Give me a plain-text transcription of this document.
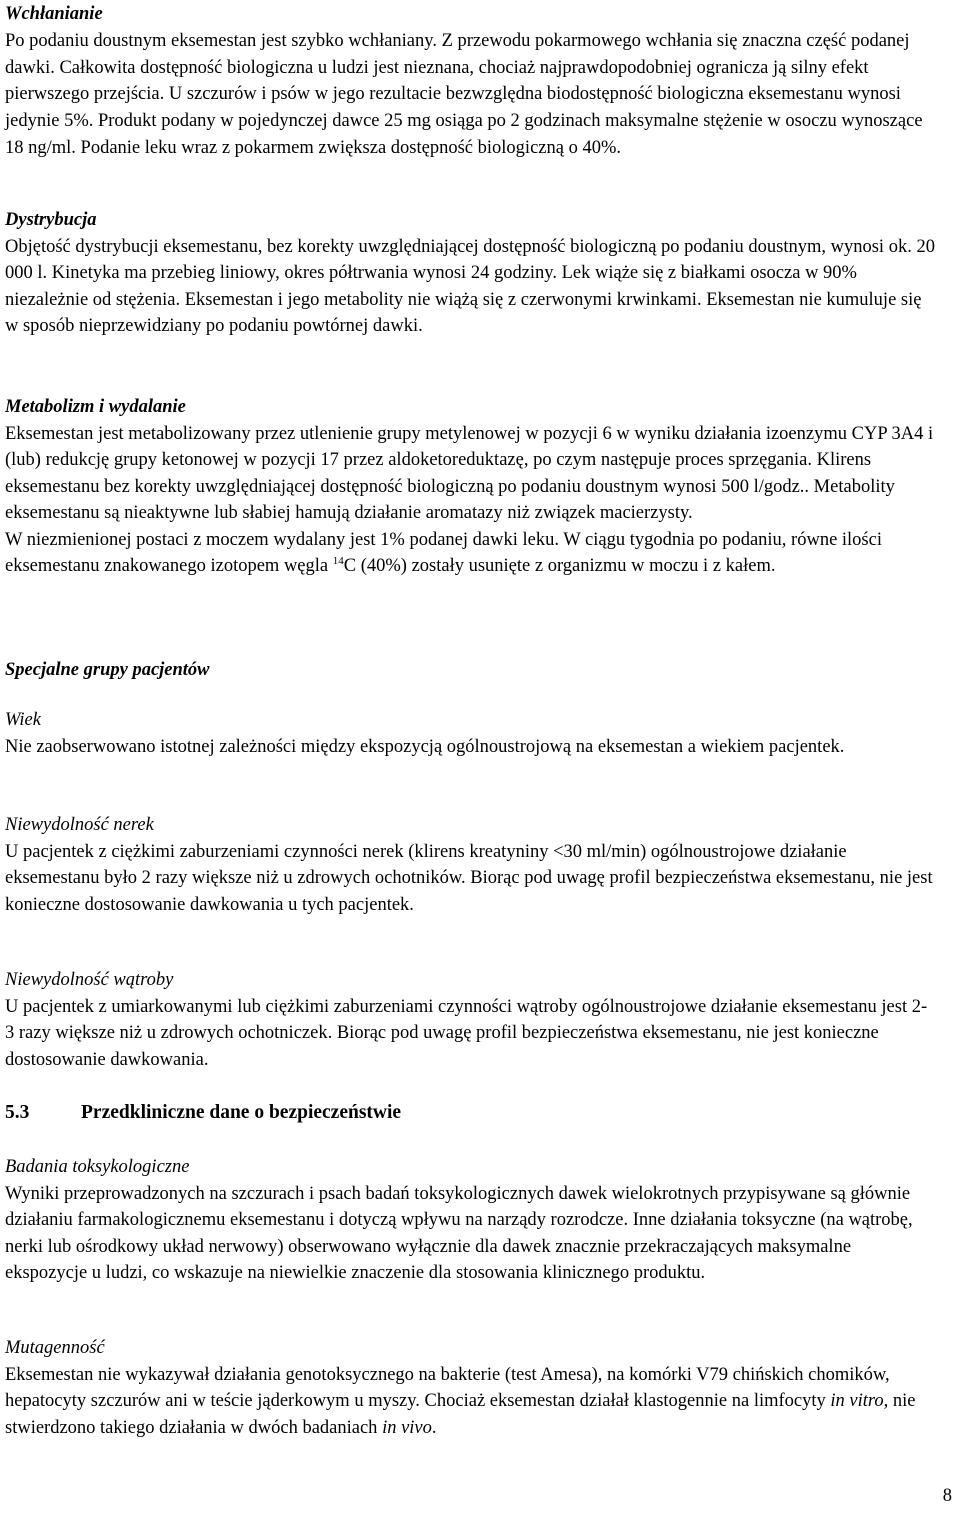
Wchłanianie

Po podaniu doustnym eksemestan jest szybko wchłaniany. Z przewodu pokarmowego wchłania się znaczna część podanej dawki. Całkowita dostępność biologiczna u ludzi jest nieznana, chociaż najprawdopodobniej ogranicza ją silny efekt pierwszego przejścia. U szczurów i psów w jego rezultacie bezwzględna biodostępność biologiczna eksemestanu wynosi jedynie 5%. Produkt podany w pojedynczej dawce 25 mg osiąga po 2 godzinach maksymalne stężenie w osoczu wynoszące 18 ng/ml. Podanie leku wraz z pokarmem zwiększa dostępność biologiczną o 40%.

Dystrybucja

Objętość dystrybucji eksemestanu, bez korekty uwzględniającej dostępność biologiczną po podaniu doustnym, wynosi ok. 20 000 l. Kinetyka ma przebieg liniowy, okres półtrwania wynosi 24 godziny. Lek wiąże się z białkami osocza w 90% niezależnie od stężenia. Eksemestan i jego metabolity nie wiążą się z czerwonymi krwinkami. Eksemestan nie kumuluje się w sposób nieprzewidziany po podaniu powtórnej dawki.

Metabolizm i wydalanie

Eksemestan jest metabolizowany przez utlenienie grupy metylenowej w pozycji 6 w wyniku działania izoenzymu CYP 3A4 i (lub) redukcję grupy ketonowej w pozycji 17 przez aldoketoreduktazę, po czym następuje proces sprzęgania. Klirens eksemestanu bez korekty uwzględniającej dostępność biologiczną po podaniu doustnym wynosi 500 l/godz.. Metabolity eksemestanu są nieaktywne lub słabiej hamują działanie aromatazy niż związek macierzysty.

W niezmienionej postaci z moczem wydalany jest 1% podanej dawki leku. W ciągu tygodnia po podaniu, równe ilości eksemestanu znakowanego izotopem węgla $^{14}$C (40%) zostały usunięte z organizmu w moczu i z kałem.

Specjalne grupy pacjentów

Wiek

Nie zaobserwowano istotnej zależności między ekspozycją ogólnoustrojową na eksemestan a wiekiem pacjentek.

Niewydolność nerek

U pacjentek z ciężkimi zaburzeniami czynności nerek (klirens kreatyniny <30 ml/min) ogólnoustrojowe działanie eksemestanu było 2 razy większe niż u zdrowych ochotników. Biorąc pod uwagę profil bezpieczeństwa eksemestanu, nie jest konieczne dostosowanie dawkowania u tych pacjentek.

Niewydolność wątroby

U pacjentek z umiarkowanymi lub ciężkimi zaburzeniami czynności wątroby ogólnoustrojowe działanie eksemestanu jest 2-3 razy większe niż u zdrowych ochotniczek. Biorąc pod uwagę profil bezpieczeństwa eksemestanu, nie jest konieczne dostosowanie dawkowania.

5.3	Przedkliniczne dane o bezpieczeństwie

Badania toksykologiczne

Wyniki przeprowadzonych na szczurach i psach badań toksykologicznych dawek wielokrotnych przypisywane są głównie działaniu farmakologicznemu eksemestanu i dotyczą wpływu na narządy rozrodcze. Inne działania toksyczne (na wątrobę, nerki lub ośrodkowy układ nerwowy) obserwowano wyłącznie dla dawek znacznie przekraczających maksymalne ekspozycje u ludzi, co wskazuje na niewielkie znaczenie dla stosowania klinicznego produktu.

Mutagenność

Eksemestan nie wykazywał działania genotoksycznego na bakterie (test Amesa), na komórki V79 chińskich chomików, hepatocyty szczurów ani w teście jąderkowym u myszy. Chociaż eksemestan działał klastogennie na limfocyty in vitro, nie stwierdzono takiego działania w dwóch badaniach in vivo.

8
